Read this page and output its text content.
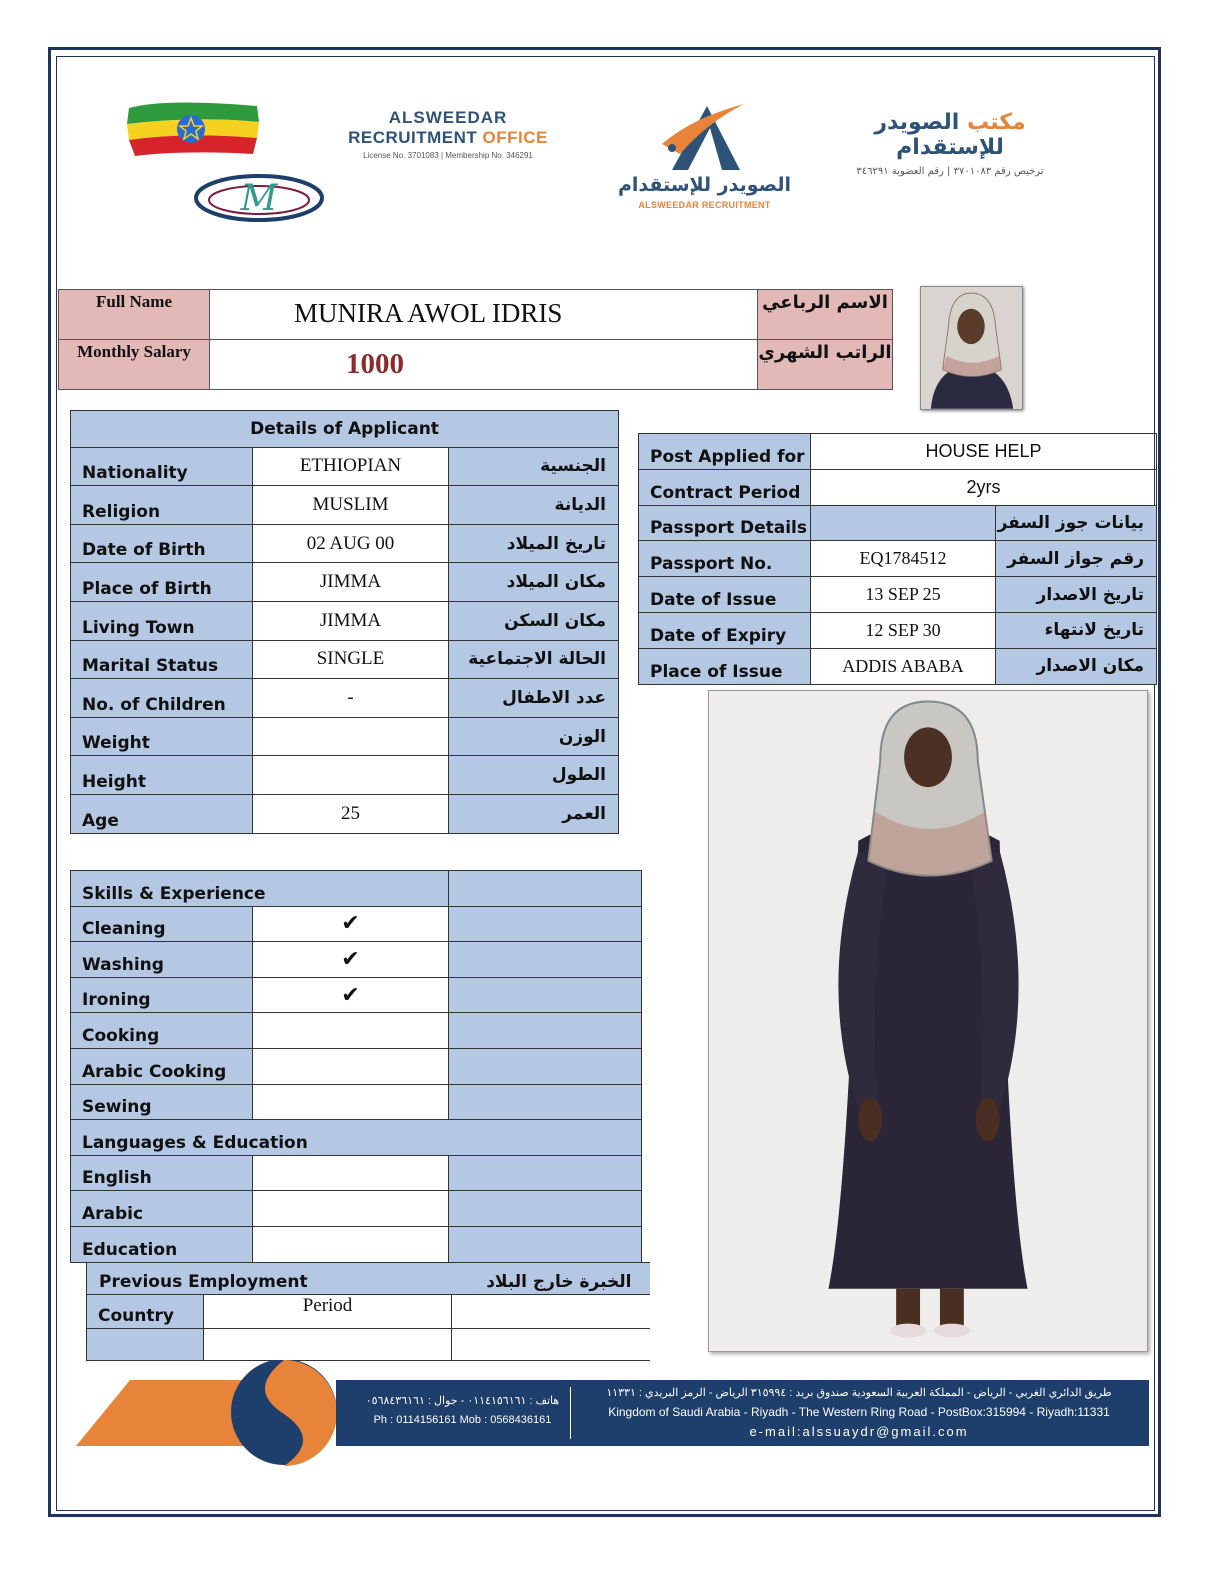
M
ALSWEEDAR
RECRUITMENT OFFICE
License No. 3701083 | Membership No. 346291
الصويدر للإستقدام
ALSWEEDAR RECRUITMENT
مكتب الصويدر للإستقدام
ترخيص رقم ٣٧٠١٠٨٣ | رقم العضوية ٣٤٦٢٩١
Full Name	MUNIRA AWOL IDRIS	الاسم الرباعي
Monthly Salary	1000	الراتب الشهري
Details of Applicant		
Nationality	ETHIOPIAN	الجنسية
Religion	MUSLIM	الديانة
Date of Birth	02 AUG 00	تاريخ الميلاد
Place of Birth	JIMMA	مكان الميلاد
Living Town	JIMMA	مكان السكن
Marital Status	SINGLE	الحالة الاجتماعية
No. of Children	-	عدد الاطفال
Weight		الوزن
Height		الطول
Age	25	العمر
Post Applied for	HOUSE HELP	
Contract Period	2yrs	
Passport Details		بيانات جوز السفر
Passport No.	EQ1784512	رقم جواز السفر
Date of Issue	13 SEP 25	تاريخ الاصدار
Date of Expiry	12 SEP 30	تاريخ لانتهاء
Place of Issue	ADDIS ABABA	مكان الاصدار
Skills & Experience		
Cleaning	✔	
Washing	✔	
Ironing	✔	
Cooking		
Arabic Cooking		
Sewing		
Languages & Education		
English		
Arabic		
Education		
Previous Employment الخبرة خارج البلاد		

Country	Period	

هاتف : ٠١١٤١٥٦١٦١ - جوال : ٠٥٦٨٤٣٦١٦١
Ph : 0114156161 Mob : 0568436161
طريق الدائري الغربي - الرياض - المملكة العربية السعودية صندوق بريد : ٣١٥٩٩٤ الرياض - الرمز البريدي : ١١٣٣١
Kingdom of Saudi Arabia - Riyadh - The Western Ring Road - PostBox:315994 - Riyadh:11331
e-mail:alssuaydr@gmail.com
